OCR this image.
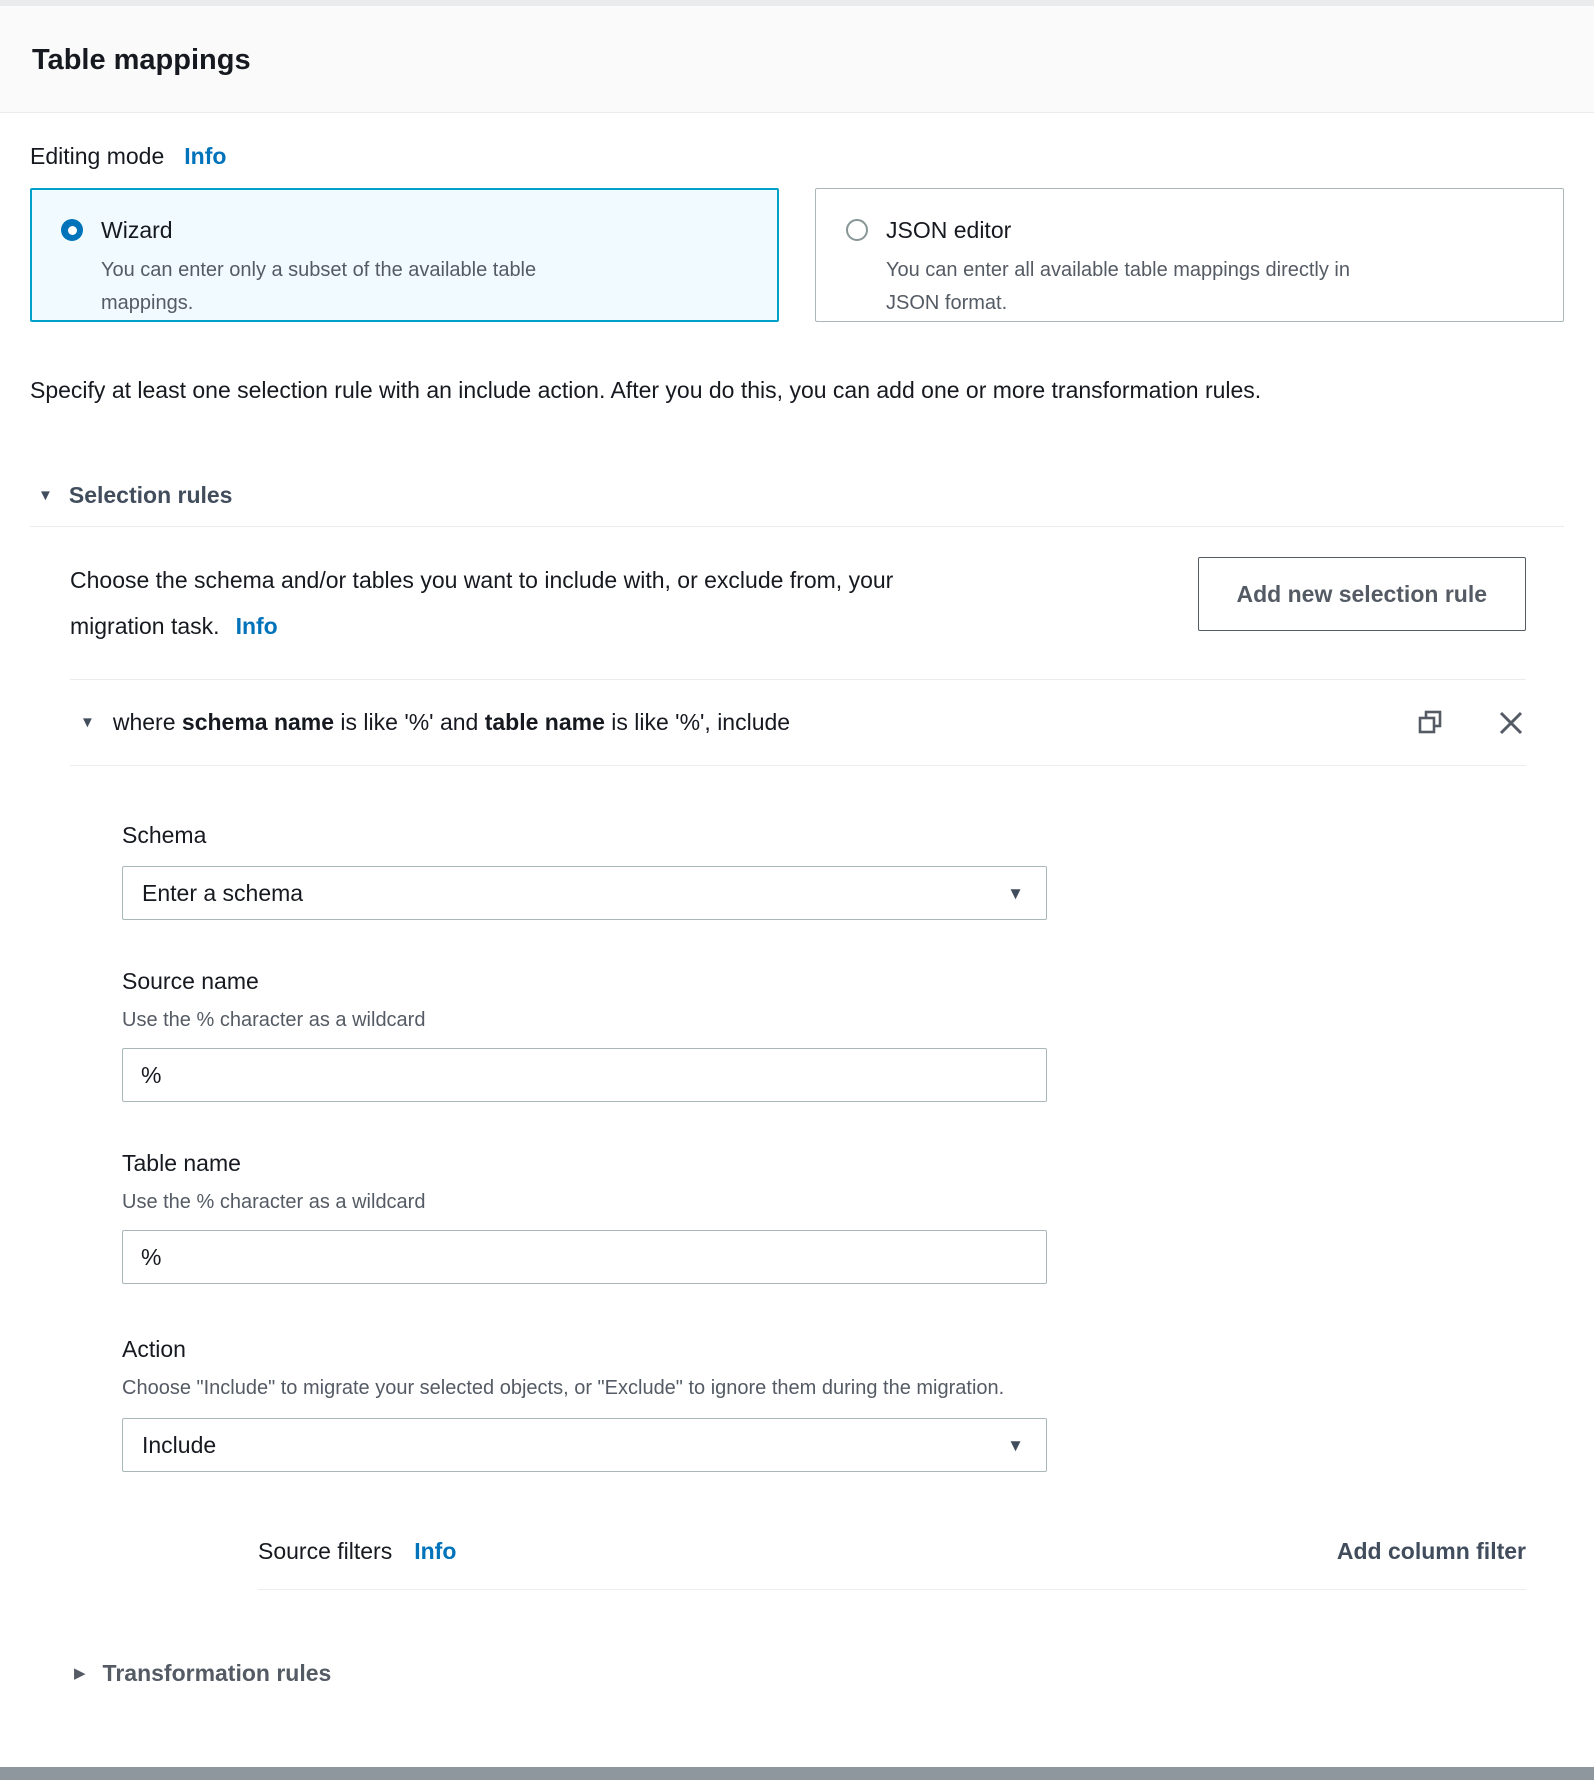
Table mappings
Editing mode Info
Wizard
You can enter only a subset of the available table mappings.
JSON editor
You can enter all available table mappings directly in JSON format.
Specify at least one selection rule with an include action. After you do this, you can add one or more transformation rules.
▼ Selection rules
Choose the schema and/or tables you want to include with, or exclude from, your migration task. Info
Add new selection rule
▼ where schema name is like '%' and table name is like '%', include
Schema
Enter a schema	▼
Source name
Use the % character as a wildcard
%
Table name
Use the % character as a wildcard
%
Action
Choose "Include" to migrate your selected objects, or "Exclude" to ignore them during the migration.
Include	▼
Source filters Info	Add column filter
▶ Transformation rules
